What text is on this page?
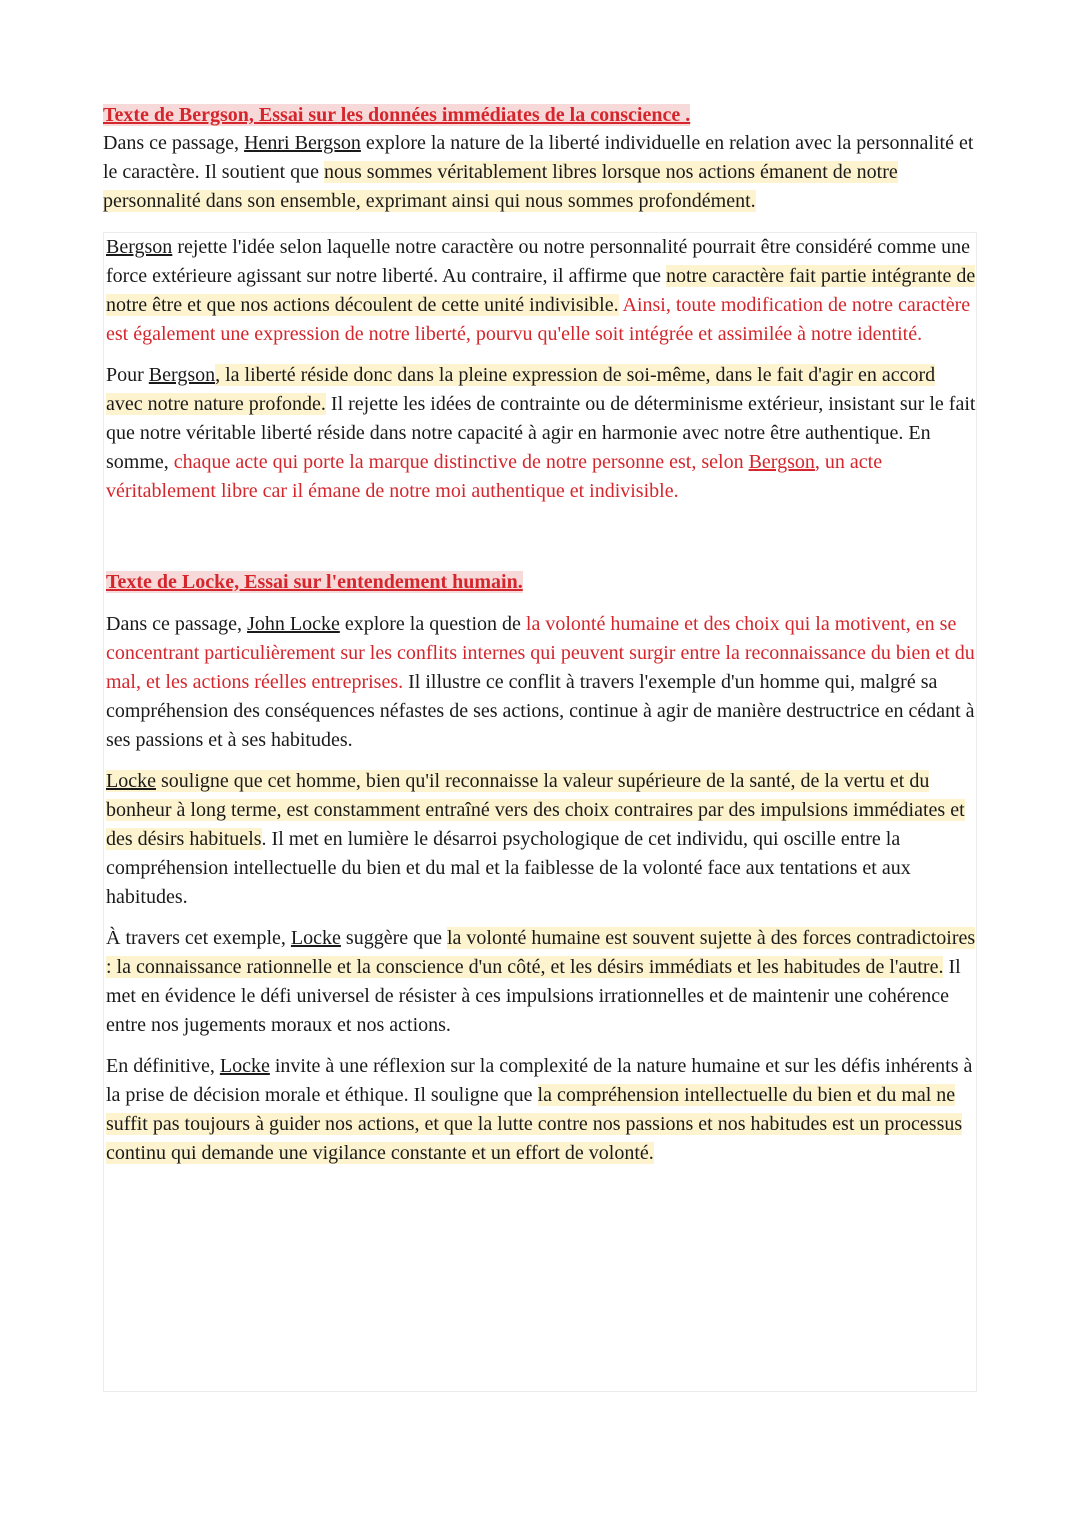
Texte de Bergson, Essai sur les données immédiates de la conscience .

Dans ce passage, Henri Bergson explore la nature de la liberté individuelle en relation avec la personnalité et le caractère. Il soutient que nous sommes véritablement libres lorsque nos actions émanent de notre personnalité dans son ensemble, exprimant ainsi qui nous sommes profondément.

Bergson rejette l'idée selon laquelle notre caractère ou notre personnalité pourrait être considéré comme une force extérieure agissant sur notre liberté. Au contraire, il affirme que notre caractère fait partie intégrante de notre être et que nos actions découlent de cette unité indivisible. Ainsi, toute modification de notre caractère est également une expression de notre liberté, pourvu qu'elle soit intégrée et assimilée à notre identité.

Pour Bergson, la liberté réside donc dans la pleine expression de soi-même, dans le fait d'agir en accord avec notre nature profonde. Il rejette les idées de contrainte ou de déterminisme extérieur, insistant sur le fait que notre véritable liberté réside dans notre capacité à agir en harmonie avec notre être authentique. En somme, chaque acte qui porte la marque distinctive de notre personne est, selon Bergson, un acte véritablement libre car il émane de notre moi authentique et indivisible.

Texte de Locke, Essai sur l'entendement humain.

Dans ce passage, John Locke explore la question de la volonté humaine et des choix qui la motivent, en se concentrant particulièrement sur les conflits internes qui peuvent surgir entre la reconnaissance du bien et du mal, et les actions réelles entreprises. Il illustre ce conflit à travers l'exemple d'un homme qui, malgré sa compréhension des conséquences néfastes de ses actions, continue à agir de manière destructrice en cédant à ses passions et à ses habitudes.

Locke souligne que cet homme, bien qu'il reconnaisse la valeur supérieure de la santé, de la vertu et du bonheur à long terme, est constamment entraîné vers des choix contraires par des impulsions immédiates et des désirs habituels. Il met en lumière le désarroi psychologique de cet individu, qui oscille entre la compréhension intellectuelle du bien et du mal et la faiblesse de la volonté face aux tentations et aux habitudes.

À travers cet exemple, Locke suggère que la volonté humaine est souvent sujette à des forces contradictoires : la connaissance rationnelle et la conscience d'un côté, et les désirs immédiats et les habitudes de l'autre. Il met en évidence le défi universel de résister à ces impulsions irrationnelles et de maintenir une cohérence entre nos jugements moraux et nos actions.

En définitive, Locke invite à une réflexion sur la complexité de la nature humaine et sur les défis inhérents à la prise de décision morale et éthique. Il souligne que la compréhension intellectuelle du bien et du mal ne suffit pas toujours à guider nos actions, et que la lutte contre nos passions et nos habitudes est un processus continu qui demande une vigilance constante et un effort de volonté.
